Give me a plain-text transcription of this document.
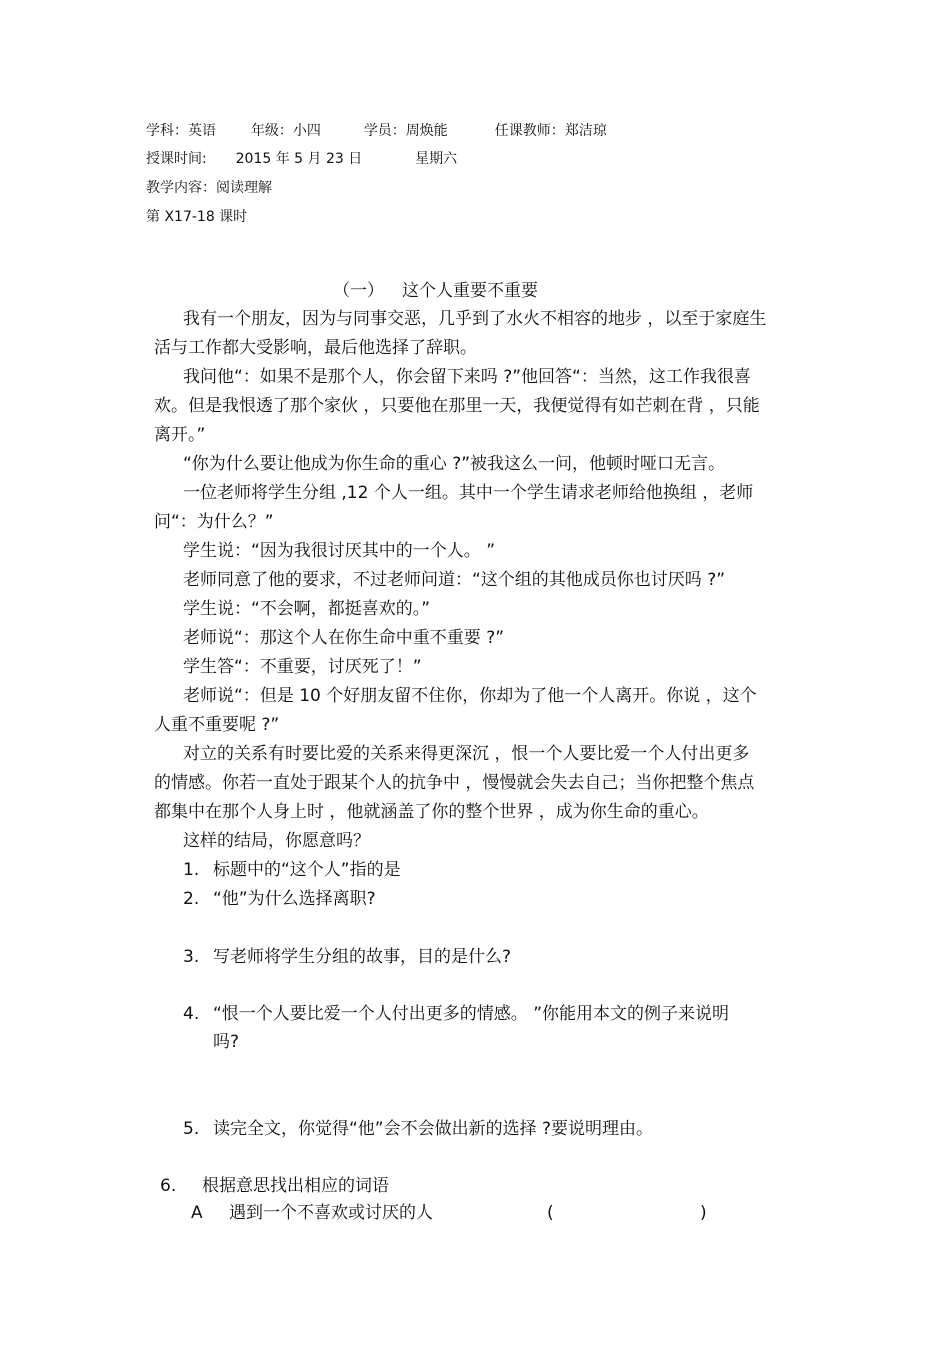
学科：英语 年级：小四	学员：周焕能	任课教师：郑洁琼
授课时间: 2015 年 5 月 23 日	星期六
教学内容：阅读理解
第 X17-18 课时
（一） 这个人重要不重要
我有一个朋友，因为与同事交恶，几乎到了水火不相容的地步 ，以至于家庭生
活与工作都大受影响，最后他选择了辞职。
我问他“：如果不是那个人，你会留下来吗 ?”他回答“：当然，这工作我很喜
欢。但是我恨透了那个家伙 ，只要他在那里一天，我便觉得有如芒刺在背 ，只能
离开。”
“你为什么要让他成为你生命的重心 ?”被我这么一问，他顿时哑口无言。
一位老师将学生分组 ,12 个人一组。其中一个学生请求老师给他换组 ，老师
问“：为什么？”
学生说：“因为我很讨厌其中的一个人。 ”
老师同意了他的要求，不过老师问道：“这个组的其他成员你也讨厌吗 ?”
学生说：“不会啊，都挺喜欢的。”
老师说“：那这个人在你生命中重不重要 ?”
学生答“：不重要，讨厌死了！”
老师说“：但是 10 个好朋友留不住你，你却为了他一个人离开。你说 ，这个
人重不重要呢 ?”
对立的关系有时要比爱的关系来得更深沉 ，恨一个人要比爱一个人付出更多
的情感。你若一直处于跟某个人的抗争中 ，慢慢就会失去自己；当你把整个焦点
都集中在那个人身上时 ，他就涵盖了你的整个世界 ，成为你生命的重心。
这样的结局，你愿意吗？
1. 标题中的“这个人”指的是
2. “他”为什么选择离职?
3. 写老师将学生分组的故事，目的是什么?
4. “恨一个人要比爱一个人付出更多的情感。 ”你能用本文的例子来说明
吗?
5. 读完全文，你觉得“他”会不会做出新的选择 ?要说明理由。
6. 根据意思找出相应的词语
A 遇到一个不喜欢或讨厌的人	(	)
